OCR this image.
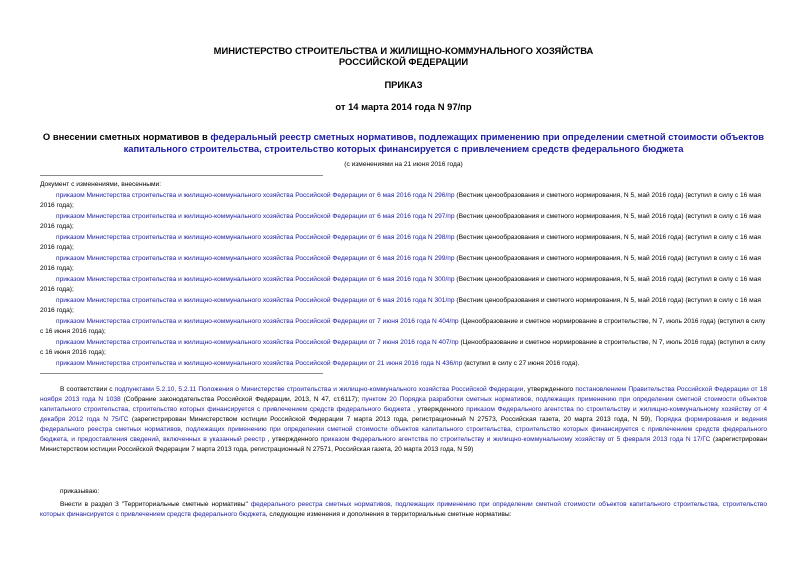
МИНИСТЕРСТВО СТРОИТЕЛЬСТВА И ЖИЛИЩНО-КОММУНАЛЬНОГО ХОЗЯЙСТВА
РОССИЙСКОЙ ФЕДЕРАЦИИ
ПРИКАЗ
от 14 марта 2014 года N 97/пр
О внесении сметных нормативов в федеральный реестр сметных нормативов, подлежащих применению при определении сметной стоимости объектов капитального строительства, строительство которых финансируется с привлечением средств федерального бюджета
(с изменениями на 21 июня 2016 года)
Документ с изменениями, внесенными:
приказом Министерства строительства и жилищно-коммунального хозяйства Российской Федерации от 6 мая 2016 года N 296/пр (Вестник ценообразования и сметного нормирования, N 5, май 2016 года) (вступил в силу с 16 мая 2016 года);
приказом Министерства строительства и жилищно-коммунального хозяйства Российской Федерации от 6 мая 2016 года N 297/пр (Вестник ценообразования и сметного нормирования, N 5, май 2016 года) (вступил в силу с 16 мая 2016 года);
приказом Министерства строительства и жилищно-коммунального хозяйства Российской Федерации от 6 мая 2016 года N 298/пр (Вестник ценообразования и сметного нормирования, N 5, май 2016 года) (вступил в силу с 16 мая 2016 года);
приказом Министерства строительства и жилищно-коммунального хозяйства Российской Федерации от 6 мая 2016 года N 299/пр (Вестник ценообразования и сметного нормирования, N 5, май 2016 года) (вступил в силу с 16 мая 2016 года);
приказом Министерства строительства и жилищно-коммунального хозяйства Российской Федерации от 6 мая 2016 года N 300/пр (Вестник ценообразования и сметного нормирования, N 5, май 2016 года) (вступил в силу с 16 мая 2016 года);
приказом Министерства строительства и жилищно-коммунального хозяйства Российской Федерации от 6 мая 2016 года N 301/пр (Вестник ценообразования и сметного нормирования, N 5, май 2016 года) (вступил в силу с 16 мая 2016 года);
приказом Министерства строительства и жилищно-коммунального хозяйства Российской Федерации от 7 июня 2016 года N 404/пр (Ценообразование и сметное нормирование в строительстве, N 7, июль 2016 года) (вступил в силу с 16 июня 2016 года);
приказом Министерства строительства и жилищно-коммунального хозяйства Российской Федерации от 7 июня 2016 года N 407/пр (Ценообразование и сметное нормирование в строительстве, N 7, июль 2016 года) (вступил в силу с 16 июня 2016 года);
приказом Министерства строительства и жилищно-коммунального хозяйства Российской Федерации от 21 июня 2016 года N 436/пр (вступил в силу с 27 июня 2016 года).
В соответствии с подпунктами 5.2.10, 5.2.11 Положения о Министерстве строительства и жилищно-коммунального хозяйства Российской Федерации, утвержденного постановлением Правительства Российской Федерации от 18 ноября 2013 года N 1038 (Собрание законодательства Российской Федерации, 2013, N 47, ст.6117); пунктом 20 Порядка разработки сметных нормативов, подлежащих применению при определении сметной стоимости объектов капитального строительства, строительство которых финансируется с привлечением средств федерального бюджета , утвержденного приказом Федерального агентства по строительству и жилищно-коммунальному хозяйству от 4 декабря 2012 года N 75/ГС (зарегистрирован Министерством юстиции Российской Федерации 7 марта 2013 года, регистрационный N 27573, Российская газета, 20 марта 2013 года, N 59), Порядка формирования и ведения федерального реестра сметных нормативов, подлежащих применению при определении сметной стоимости объектов капитального строительства, строительство которых финансируется с привлечением средств федерального бюджета, и предоставления сведений, включенных в указанный реестр , утвержденного приказом Федерального агентства по строительству и жилищно-коммунальному хозяйству от 5 февраля 2013 года N 17/ГС (зарегистрирован Министерством юстиции Российской Федерации 7 марта 2013 года, регистрационный N 27571, Российская газета, 20 марта 2013 года, N 59)
приказываю:
Внести в раздел 3 "Территориальные сметные нормативы" федерального реестра сметных нормативов, подлежащих применению при определении сметной стоимости объектов капитального строительства, строительство которых финансируется с привлечением средств федерального бюджета, следующие изменения и дополнения в территориальные сметные нормативы:
